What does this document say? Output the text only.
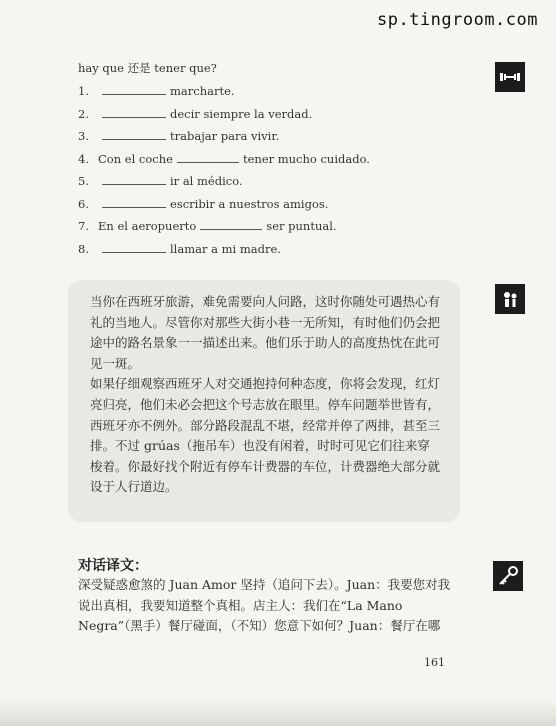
sp.tingroom.com
hay que 还是 tener que?
1.	marcharte.
2.	decir siempre la verdad.
3.	trabajar para vivir.
4. Con el coche	tener mucho cuidado.
5.	ir al médico.
6.	escribir a nuestros amigos.
7. En el aeropuerto	ser puntual.
8.	llamar a mi madre.

当你在西班牙旅游，难免需要向人问路，这时你随处可遇热心有礼的当地人。尽管你对那些大街小巷一无所知，有时他们仍会把途中的路名景象一一描述出来。他们乐于助人的高度热忱在此可见一斑。

如果仔细观察西班牙人对交通抱持何种态度，你将会发现，红灯亮归亮，他们未必会把这个号志放在眼里。停车问题举世皆有，西班牙亦不例外。部分路段混乱不堪，经常并停了两排，甚至三排。不过 grúas（拖吊车）也没有闲着，时时可见它们往来穿梭着。你最好找个附近有停车计费器的车位，计费器绝大部分就设于人行道边。

对话译文：

深受疑惑愈煞的 Juan Amor 坚持（追问下去）。Juan：我要您对我说出真相，我要知道整个真相。店主人：我们在“La Mano Negra”（黑手）餐厅碰面，（不知）您意下如何？Juan：餐厅在哪

161
